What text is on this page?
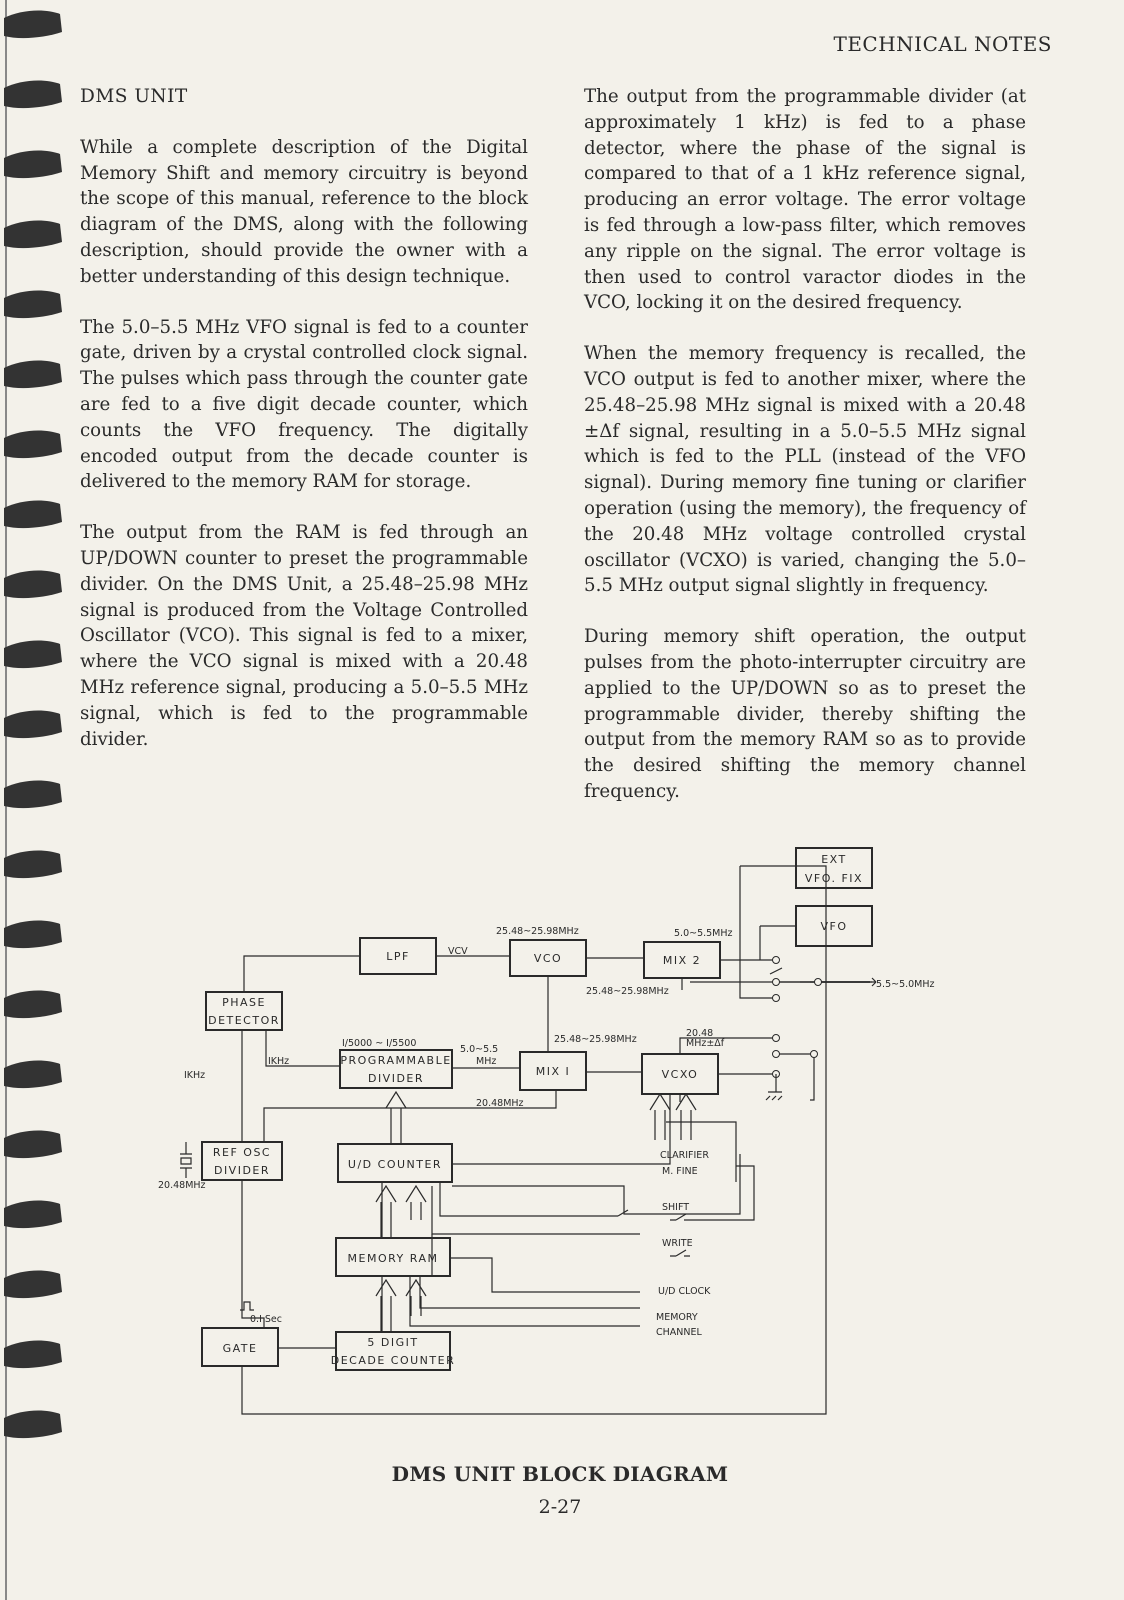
TECHNICAL NOTES
DMS UNIT

While a complete description of the Digital Memory Shift and memory circuitry is beyond the scope of this manual, reference to the block diagram of the DMS, along with the following description, should provide the owner with a better understanding of this design technique.

The 5.0–5.5 MHz VFO signal is fed to a counter gate, driven by a crystal controlled clock signal. The pulses which pass through the counter gate are fed to a five digit decade counter, which counts the VFO frequency. The digitally encoded output from the decade counter is delivered to the memory RAM for storage.

The output from the RAM is fed through an UP/DOWN counter to preset the programmable divider. On the DMS Unit, a 25.48–25.98 MHz signal is produced from the Voltage Controlled Oscillator (VCO). This signal is fed to a mixer, where the VCO signal is mixed with a 20.48 MHz reference signal, producing a 5.0–5.5 MHz signal, which is fed to the programmable divider.

The output from the programmable divider (at approximately 1 kHz) is fed to a phase detector, where the phase of the signal is compared to that of a 1 kHz reference signal, producing an error voltage. The error voltage is fed through a low-pass filter, which removes any ripple on the signal. The error voltage is then used to control varactor diodes in the VCO, locking it on the desired frequency.

When the memory frequency is recalled, the VCO output is fed to another mixer, where the 25.48–25.98 MHz signal is mixed with a 20.48 ±Δf signal, resulting in a 5.0–5.5 MHz signal which is fed to the PLL (instead of the VFO signal). During memory fine tuning or clarifier operation (using the memory), the frequency of the 20.48 MHz voltage controlled crystal oscillator (VCXO) is varied, changing the 5.0–5.5 MHz output signal slightly in frequency.

During memory shift operation, the output pulses from the photo-interrupter circuitry are applied to the UP/DOWN so as to preset the programmable divider, thereby shifting the output from the memory RAM so as to provide the desired shifting the memory channel frequency.

EXT
VFO. FIX
VFO
LPF	VCO	MIX 2
PHASE
DETECTOR
PROGRAMMABLE
DIVIDER
MIX I	VCXO
REF OSC
DIVIDER	U/D COUNTER
MEMORY RAM
GATE	5 DIGIT
DECADE COUNTER
VCV
25.48~25.98MHz	5.0~5.5MHz
25.48~25.98MHz
25.48~25.98MHz
5.5~5.0MHz
I/5000 ~ I/5500
5.0~5.5
MHz
20.48MHz
20.48
MHz±Δf
IKHz
IKHz
20.48MHz
CLARIFIER
M. FINE
SHIFT
WRITE
U/D CLOCK
MEMORY
CHANNEL
0.I Sec
DMS UNIT BLOCK DIAGRAM
2-27
